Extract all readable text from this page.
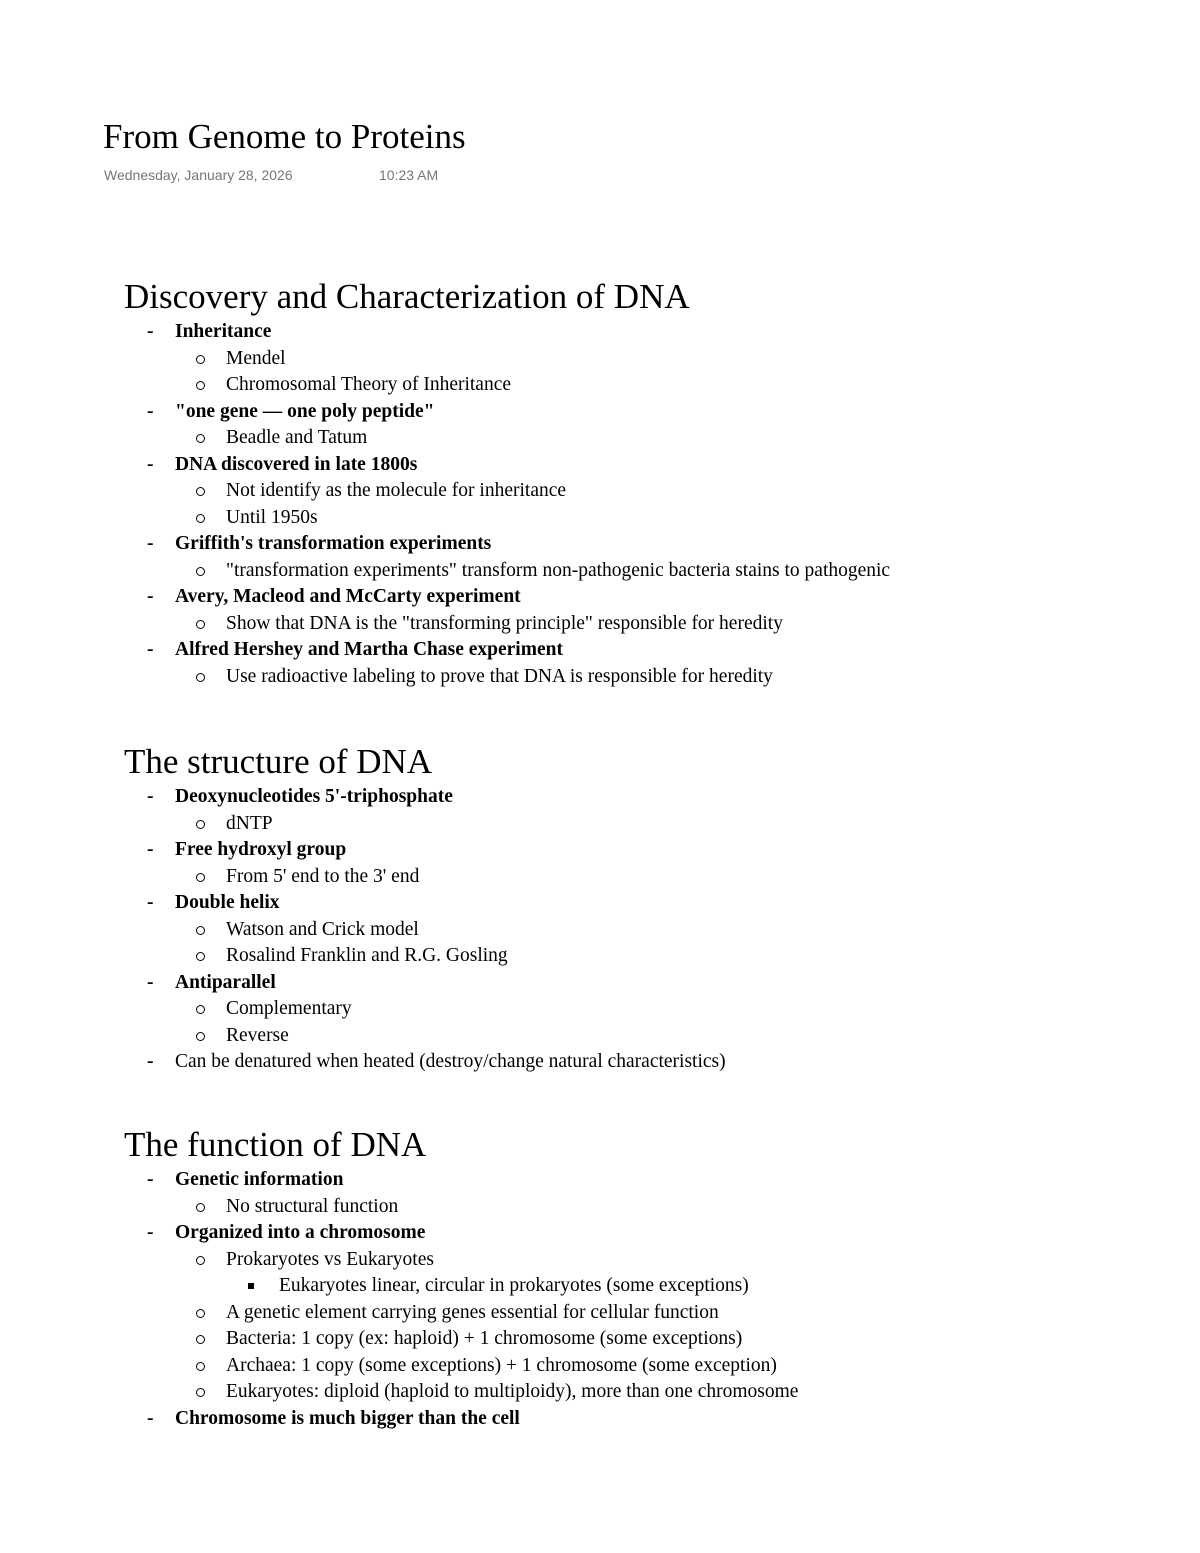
From Genome to Proteins
Wednesday, January 28, 2026	10:23 AM
Discovery and Characterization of DNA
- Inheritance
Mendel
Chromosomal Theory of Inheritance
- "one gene — one poly peptide"
Beadle and Tatum
- DNA discovered in late 1800s
Not identify as the molecule for inheritance
Until 1950s
- Griffith's transformation experiments
"transformation experiments" transform non-pathogenic bacteria stains to pathogenic
- Avery, Macleod and McCarty experiment
Show that DNA is the "transforming principle" responsible for heredity
- Alfred Hershey and Martha Chase experiment
Use radioactive labeling to prove that DNA is responsible for heredity
The structure of DNA
- Deoxynucleotides 5'-triphosphate
dNTP
- Free hydroxyl group
From 5' end to the 3' end
- Double helix
Watson and Crick model
Rosalind Franklin and R.G. Gosling
- Antiparallel
Complementary
Reverse
- Can be denatured when heated (destroy/change natural characteristics)
The function of DNA
- Genetic information
No structural function
- Organized into a chromosome
Prokaryotes vs Eukaryotes
Eukaryotes linear, circular in prokaryotes (some exceptions)
A genetic element carrying genes essential for cellular function
Bacteria: 1 copy (ex: haploid) + 1 chromosome (some exceptions)
Archaea: 1 copy (some exceptions) + 1 chromosome (some exception)
Eukaryotes: diploid (haploid to multiploidy), more than one chromosome
- Chromosome is much bigger than the cell
